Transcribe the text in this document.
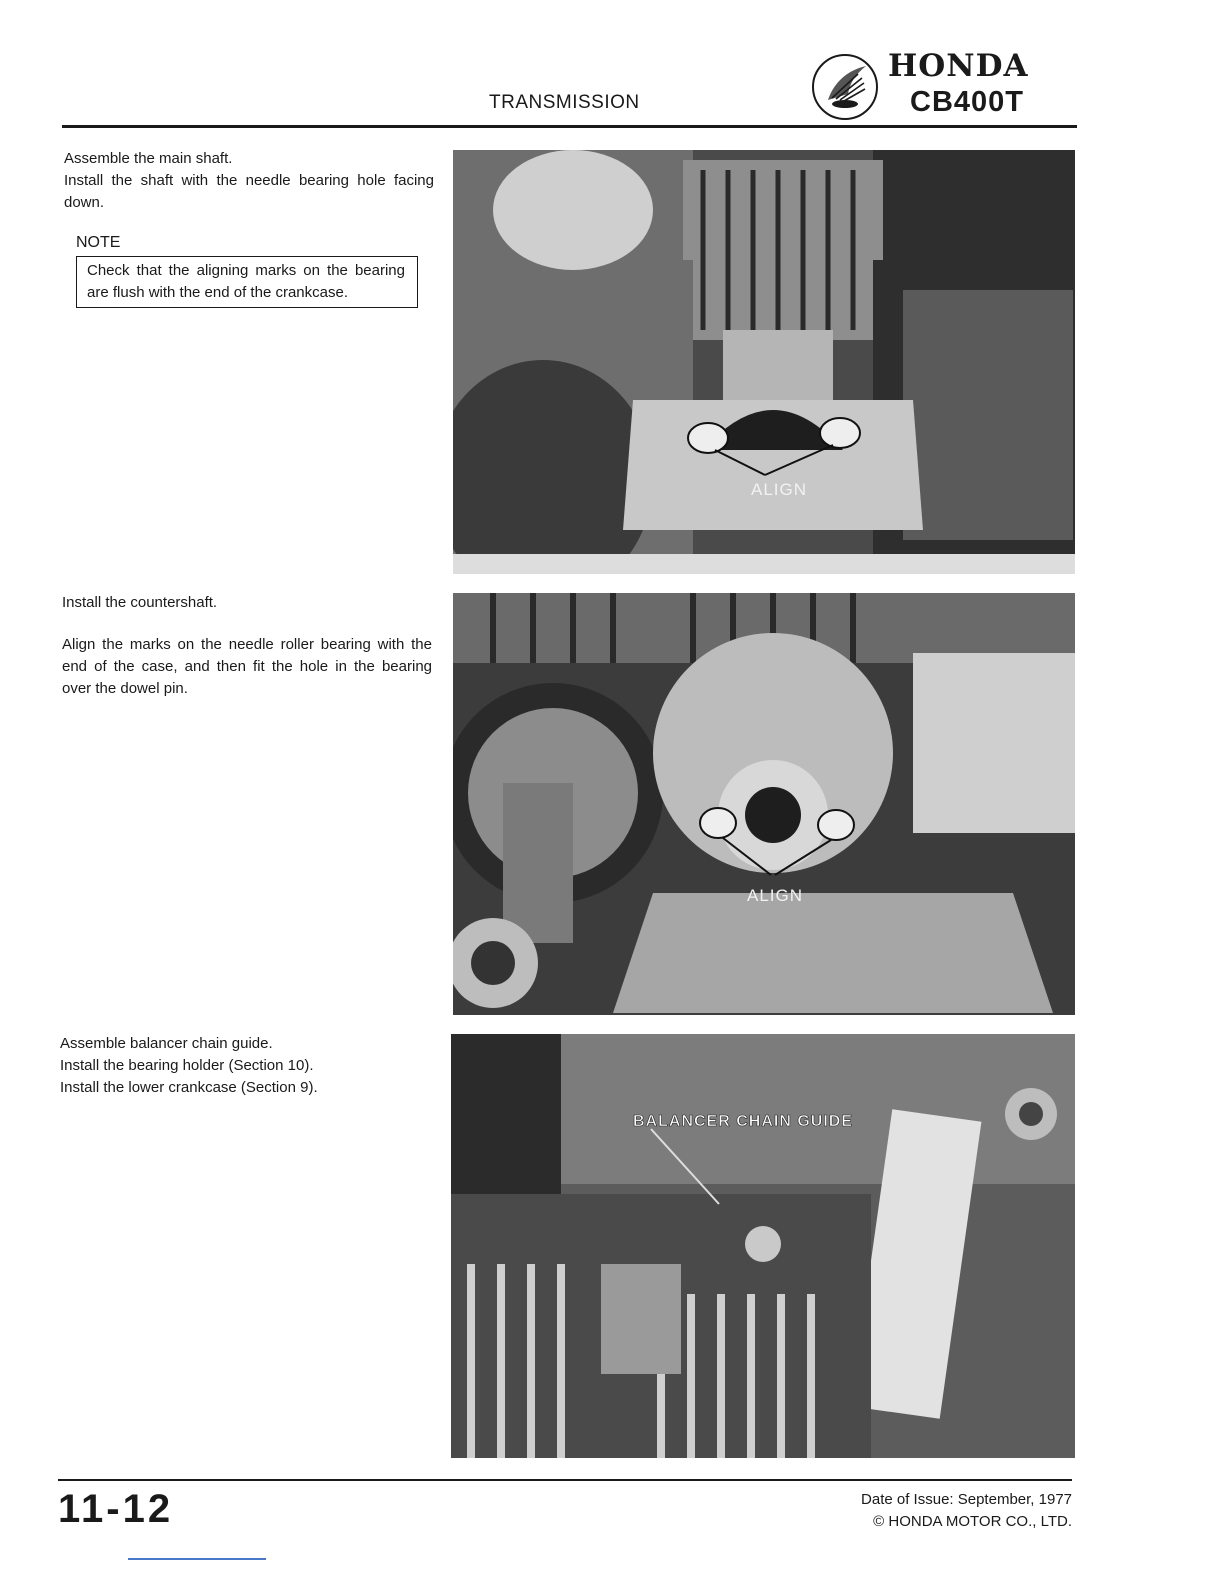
TRANSMISSION
HONDA
CB400T
Assemble the main shaft.
Install the shaft with the needle bearing hole facing down.
NOTE
Check that the aligning marks on the bearing are flush with the end of the crankcase.
ALIGN
Install the countershaft.
Align the marks on the needle roller bearing with the end of the case, and then fit the hole in the bearing over the dowel pin.
ALIGN
Assemble balancer chain guide.
Install the bearing holder (Section 10).
Install the lower crankcase (Section 9).
BALANCER CHAIN GUIDE
11-12	Date of Issue: September, 1977
© HONDA MOTOR CO., LTD.
